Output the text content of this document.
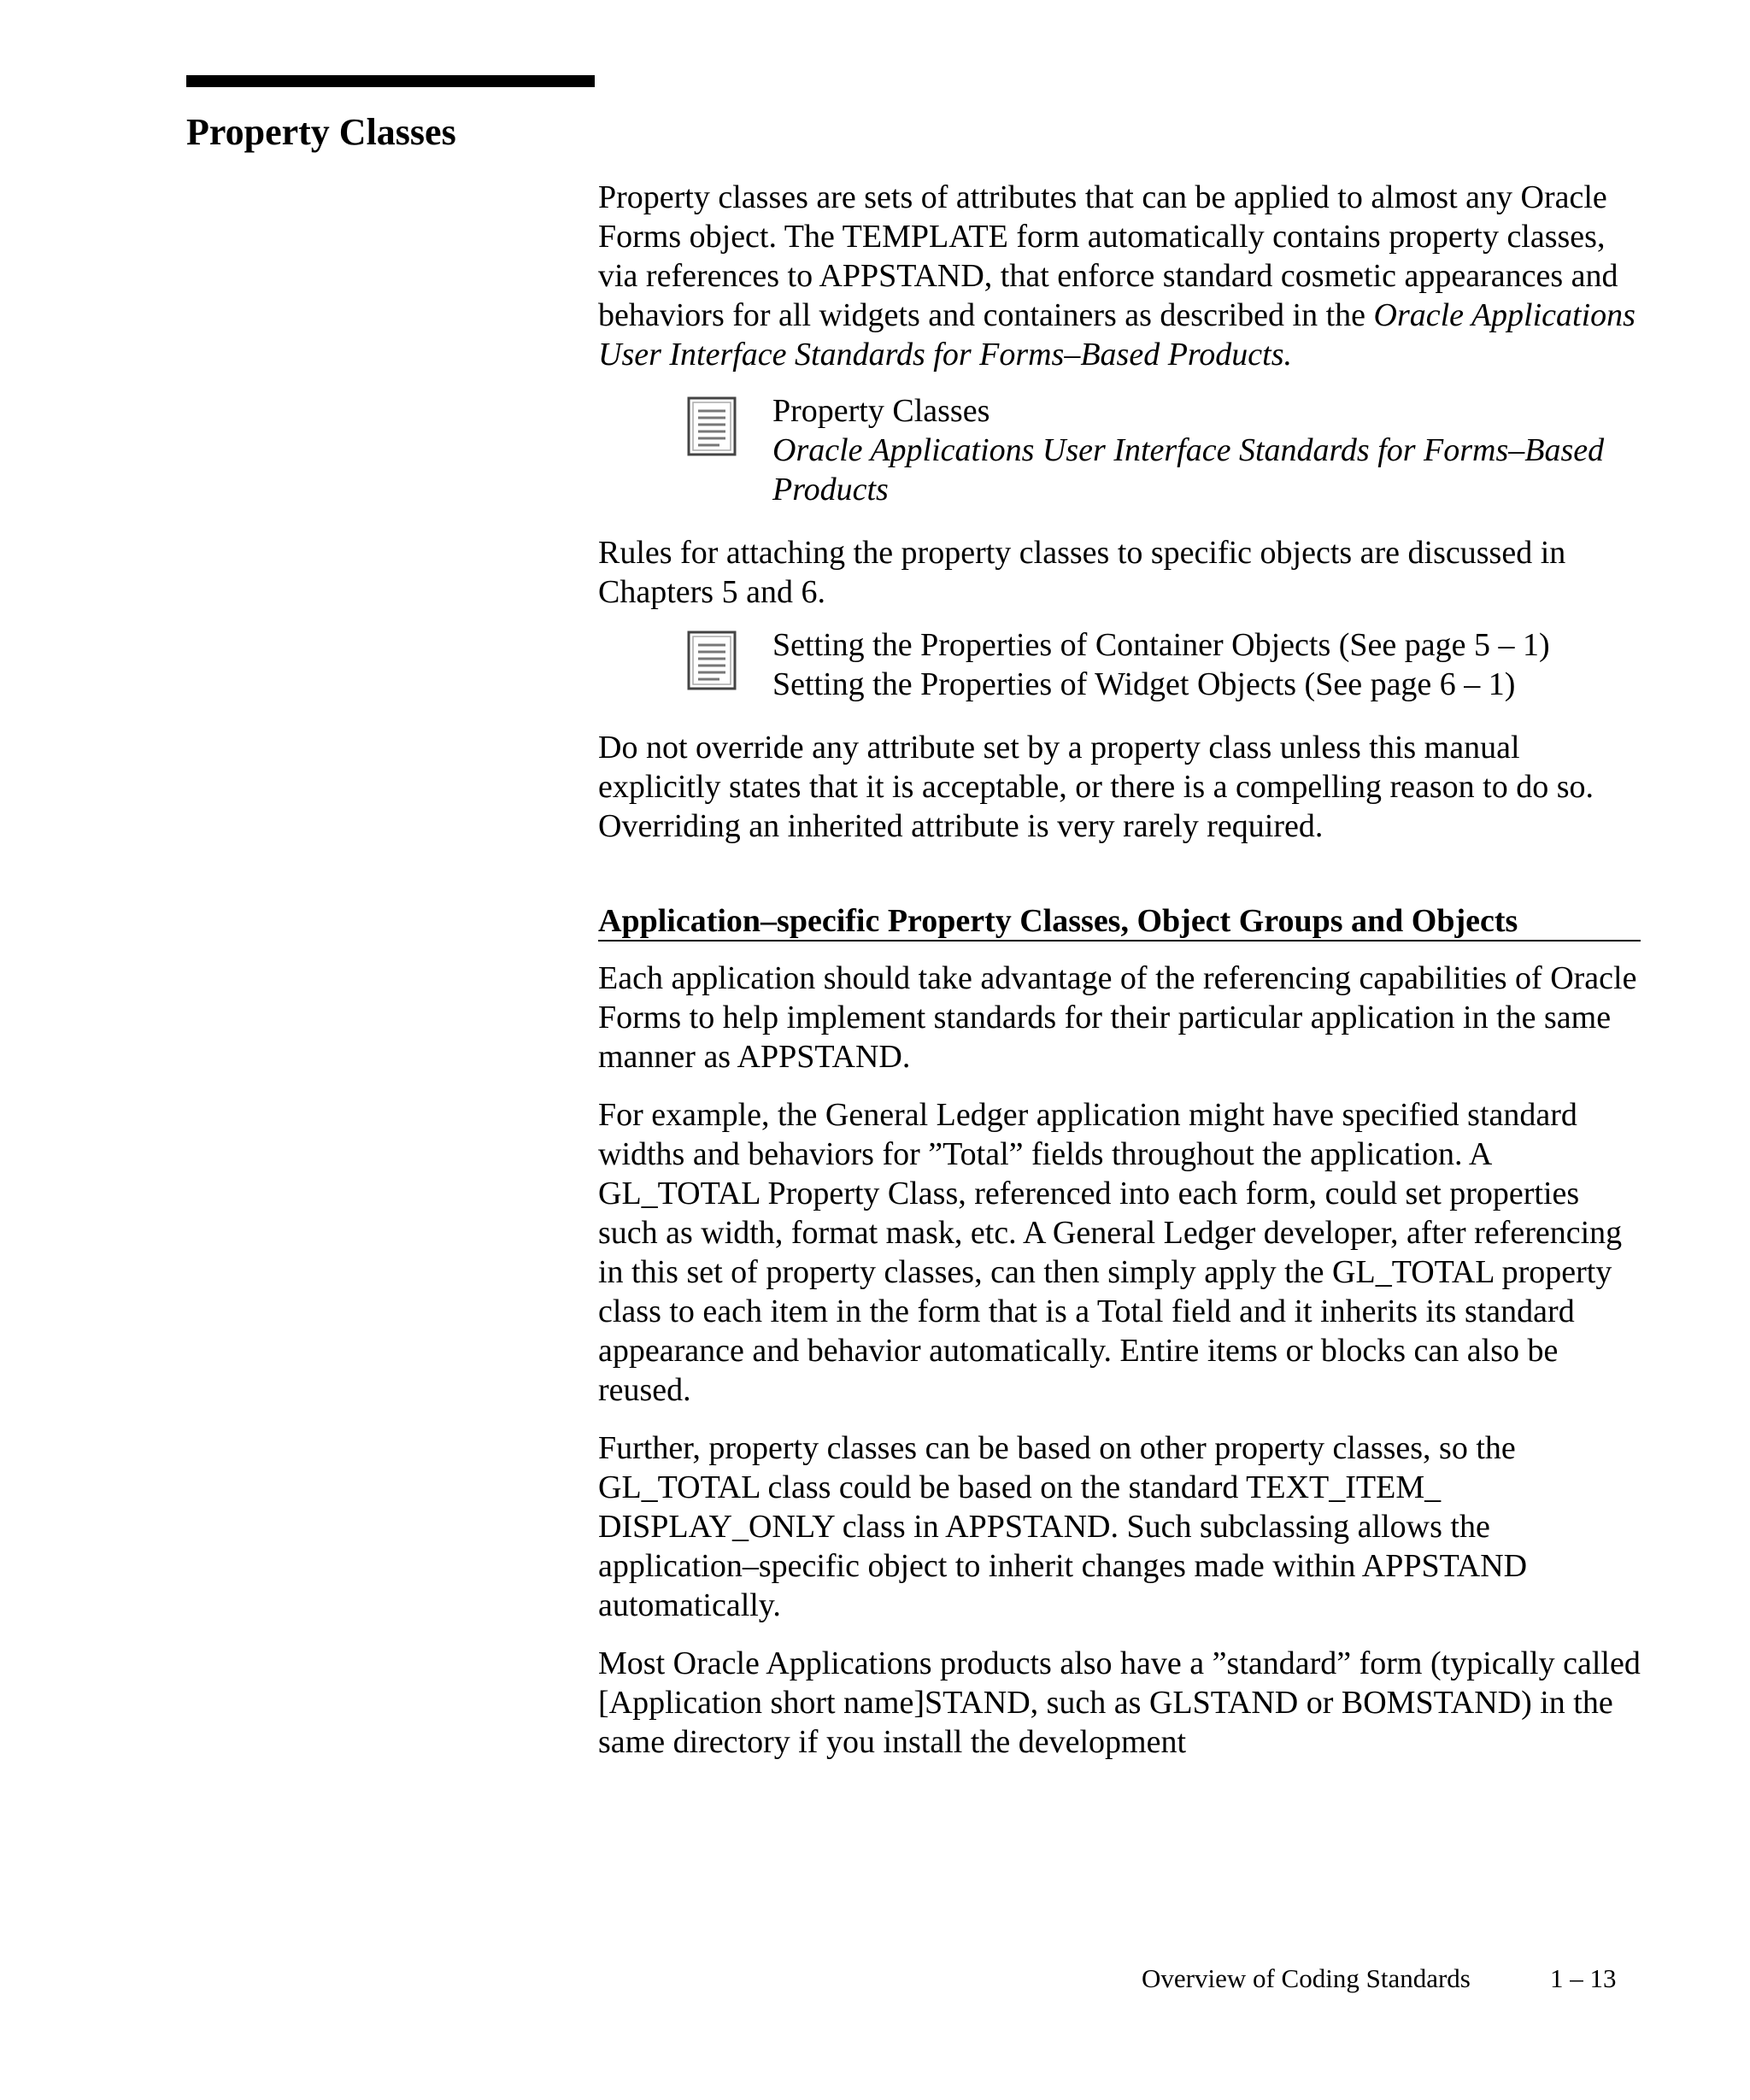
Property Classes

Property classes are sets of attributes that can be applied to almost any Oracle Forms object. The TEMPLATE form automatically contains property classes, via references to APPSTAND, that enforce standard cosmetic appearances and behaviors for all widgets and containers as described in the Oracle Applications User Interface Standards for Forms–Based Products.

Property Classes
Oracle Applications User Interface Standards for Forms–Based Products

Rules for attaching the property classes to specific objects are discussed in Chapters 5 and 6.

Setting the Properties of Container Objects (See page 5 – 1)
Setting the Properties of Widget Objects (See page 6 – 1)

Do not override any attribute set by a property class unless this manual explicitly states that it is acceptable, or there is a compelling reason to do so. Overriding an inherited attribute is very rarely required.

Application–specific Property Classes, Object Groups and Objects

Each application should take advantage of the referencing capabilities of Oracle Forms to help implement standards for their particular application in the same manner as APPSTAND.

For example, the General Ledger application might have specified standard widths and behaviors for ”Total” fields throughout the application. A GL_TOTAL Property Class, referenced into each form, could set properties such as width, format mask, etc. A General Ledger developer, after referencing in this set of property classes, can then simply apply the GL_TOTAL property class to each item in the form that is a Total field and it inherits its standard appearance and behavior automatically. Entire items or blocks can also be reused.

Further, property classes can be based on other property classes, so the GL_TOTAL class could be based on the standard TEXT_ITEM_ DISPLAY_ONLY class in APPSTAND. Such subclassing allows the application–specific object to inherit changes made within APPSTAND automatically.

Most Oracle Applications products also have a ”standard” form (typically called [Application short name]STAND, such as GLSTAND or BOMSTAND) in the same directory if you install the development

Overview of Coding Standards	1 – 13
